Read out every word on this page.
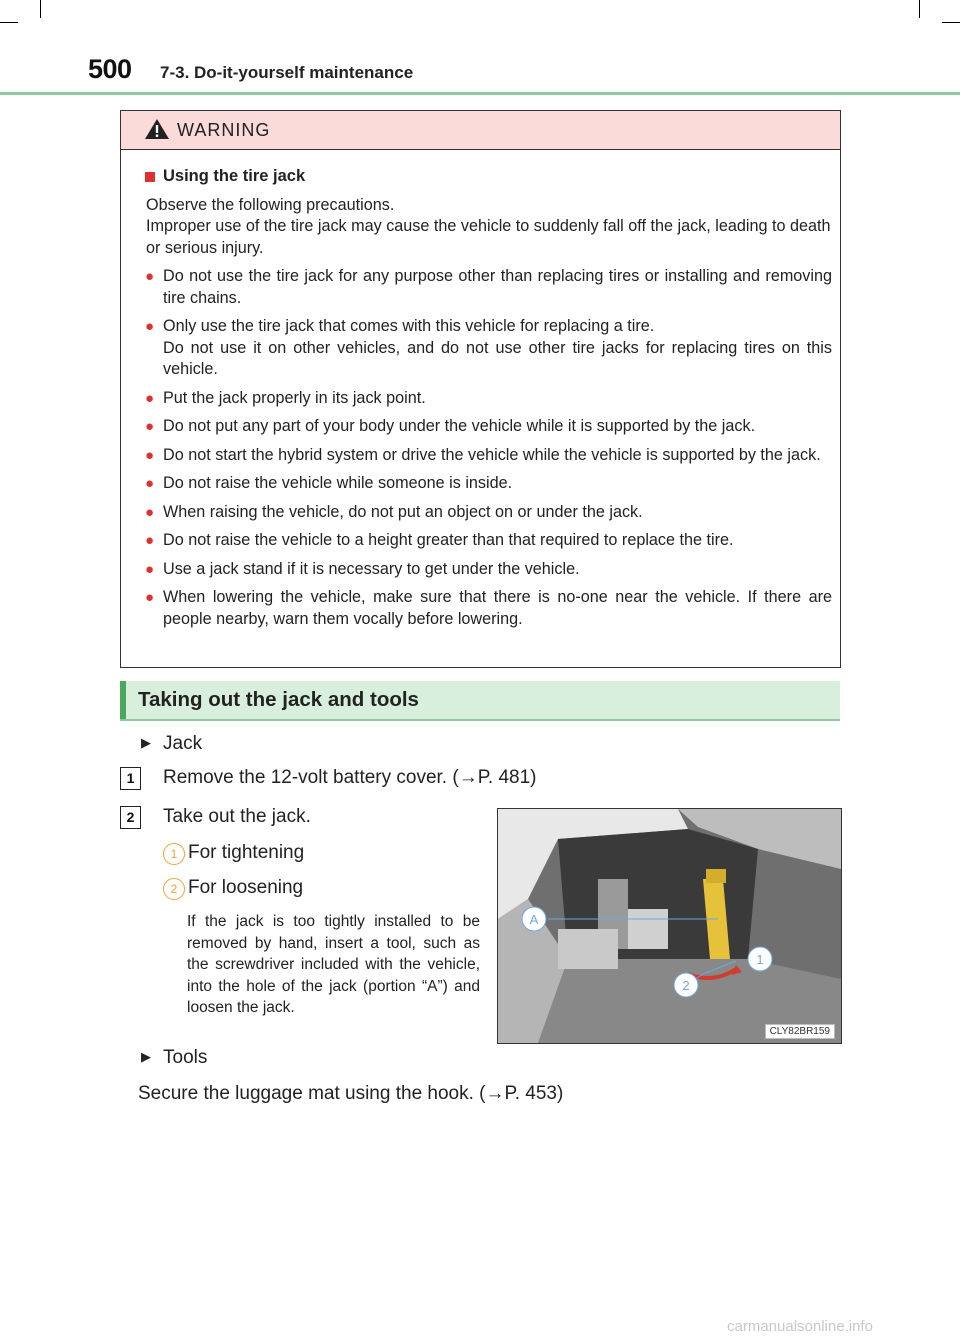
500 7-3. Do-it-yourself maintenance
WARNING
Using the tire jack
Observe the following precautions.
Improper use of the tire jack may cause the vehicle to suddenly fall off the jack, leading to death or serious injury.
● Do not use the tire jack for any purpose other than replacing tires or installing and removing tire chains.
● Only use the tire jack that comes with this vehicle for replacing a tire.
Do not use it on other vehicles, and do not use other tire jacks for replacing tires on this vehicle.
● Put the jack properly in its jack point.
● Do not put any part of your body under the vehicle while it is supported by the jack.
● Do not start the hybrid system or drive the vehicle while the vehicle is supported by the jack.
● Do not raise the vehicle while someone is inside.
● When raising the vehicle, do not put an object on or under the jack.
● Do not raise the vehicle to a height greater than that required to replace the tire.
● Use a jack stand if it is necessary to get under the vehicle.
● When lowering the vehicle, make sure that there is no-one near the vehicle. If there are people nearby, warn them vocally before lowering.
Taking out the jack and tools
▶ Jack
1	Remove the 12-volt battery cover. (→P. 481)
2	Take out the jack.
1 For tightening
2 For loosening
If the jack is too tightly installed to be removed by hand, insert a tool, such as the screwdriver included with the vehicle, into the hole of the jack (portion “A”) and loosen the jack.
A
1
2
CLY82BR159
▶ Tools
Secure the luggage mat using the hook. (→P. 453)
carmanualsonline.info
